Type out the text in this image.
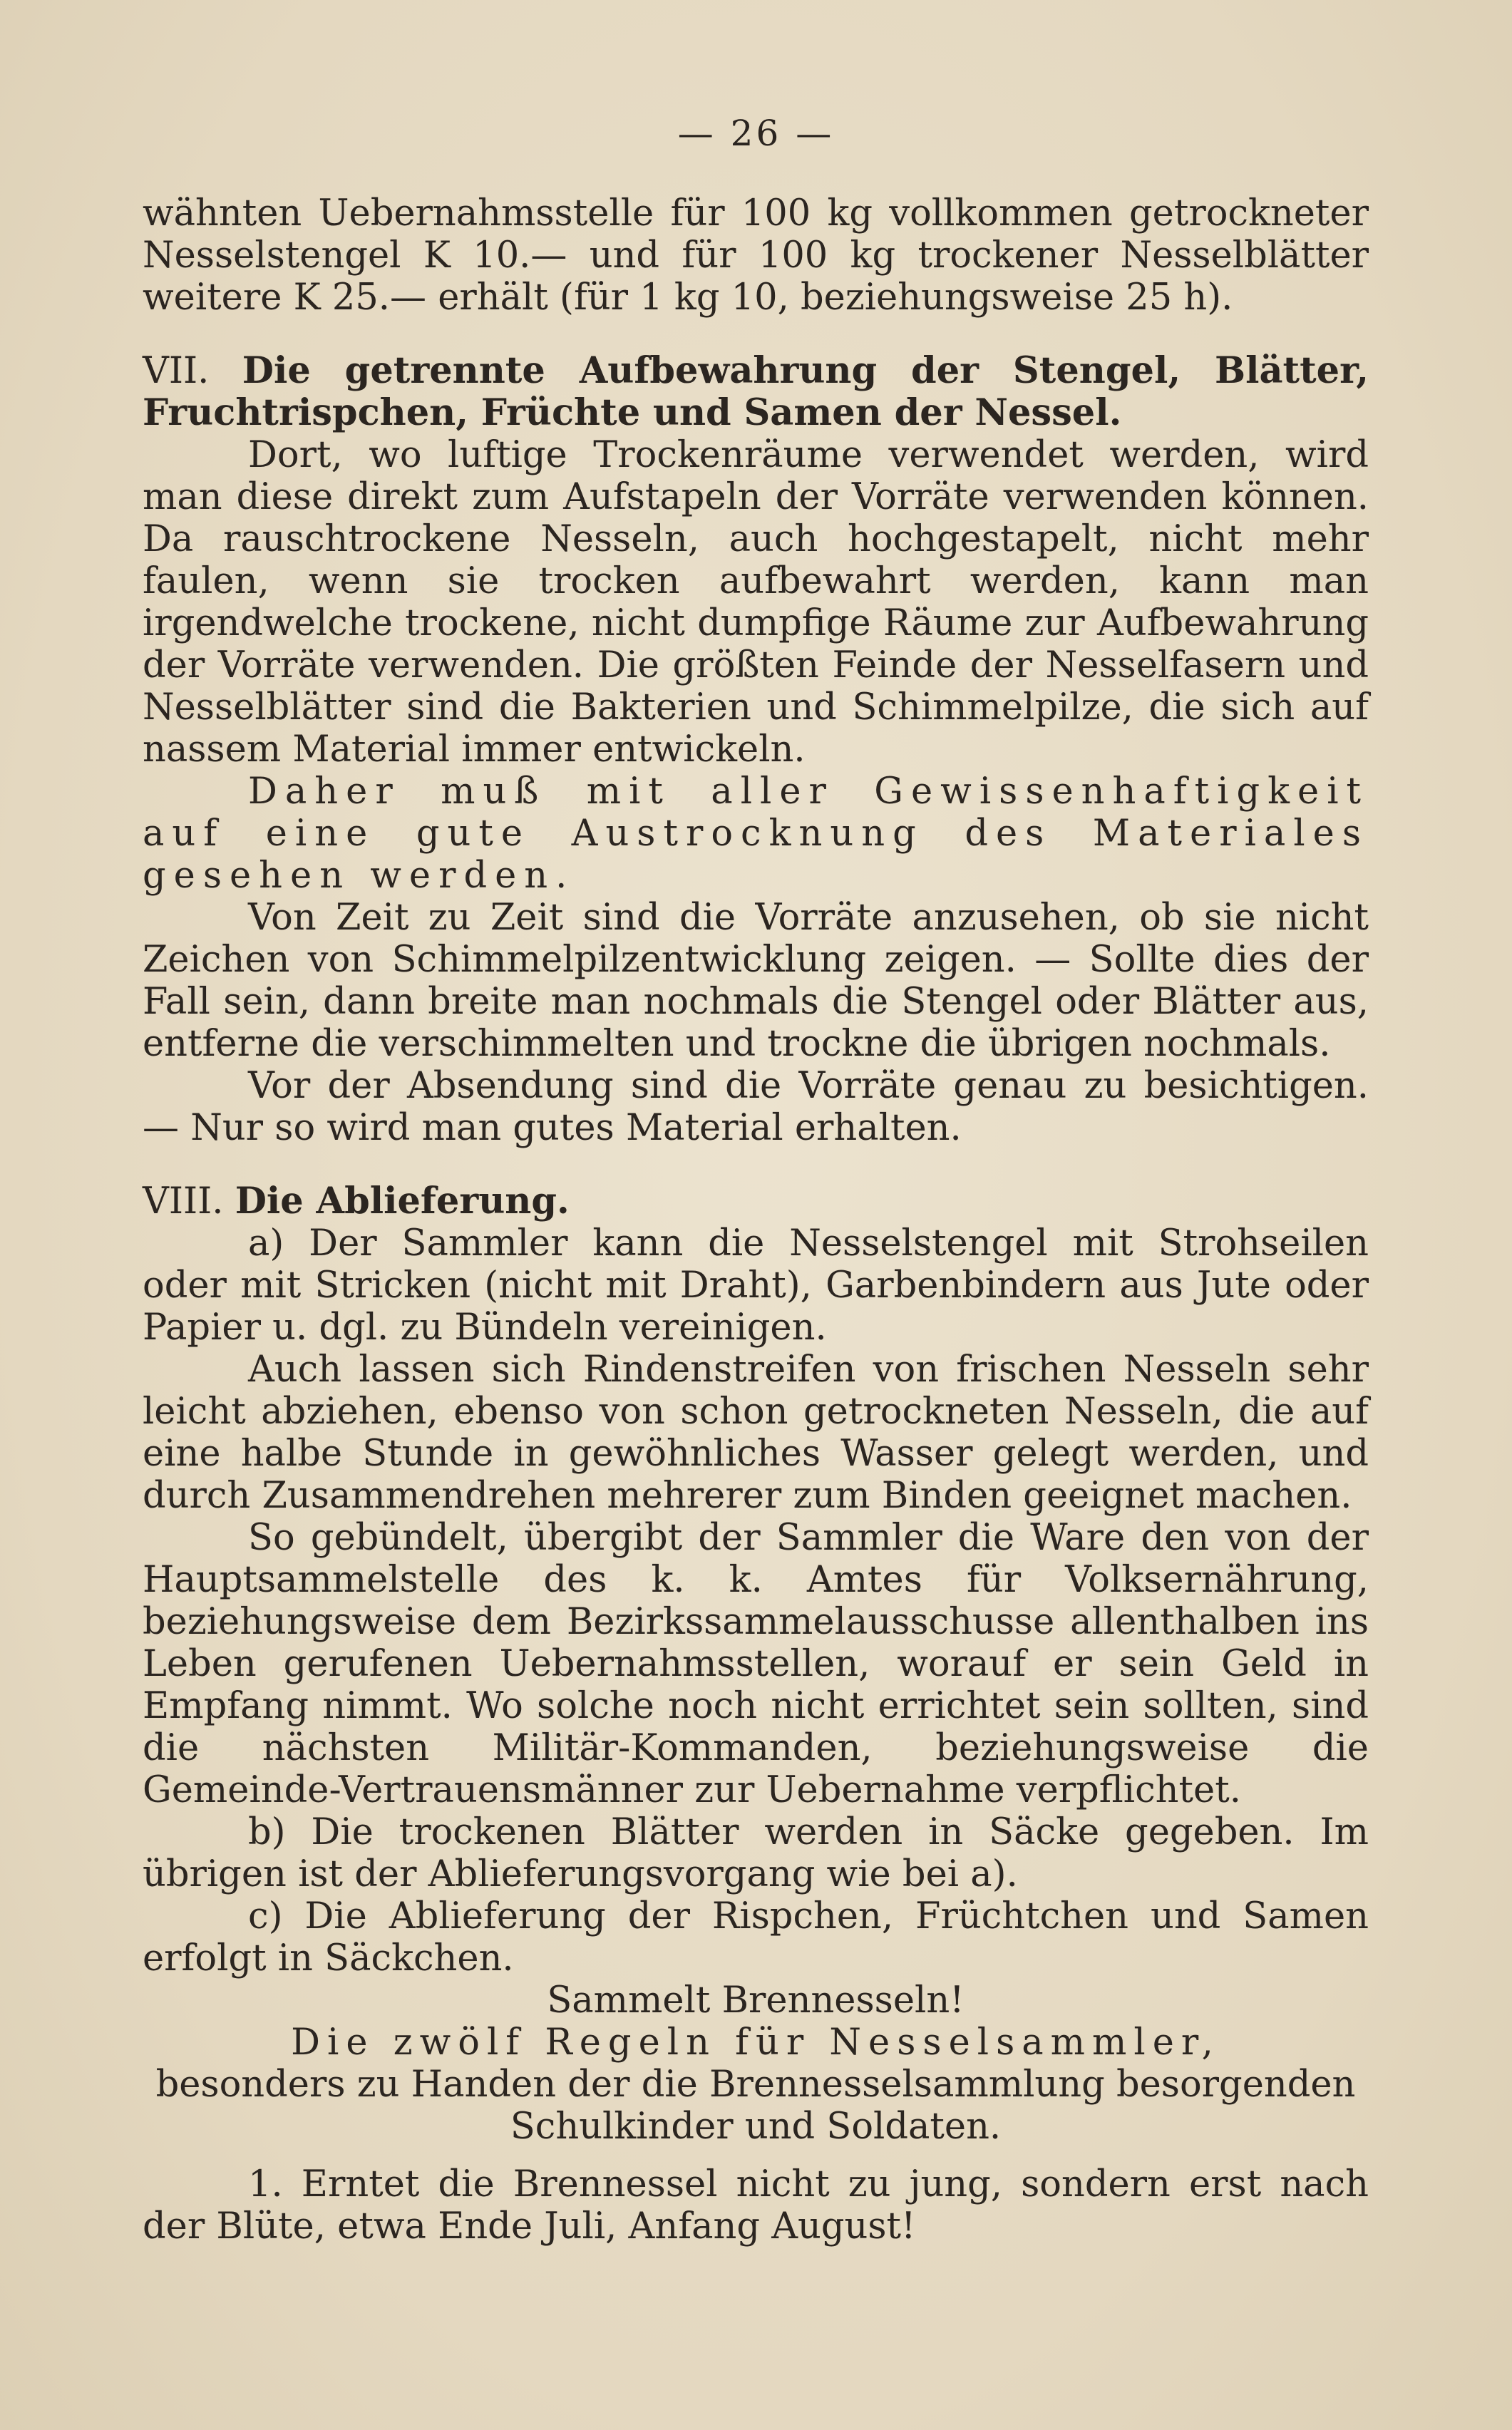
— 26 —

wähnten Uebernahmsstelle für 100 kg vollkommen getrockneter Nesselstengel K 10.— und für 100 kg trockener Nesselblätter weitere K 25.— erhält (für 1 kg 10, beziehungsweise 25 h).

VII. Die getrennte Aufbewahrung der Stengel, Blätter, Fruchtrispchen, Früchte und Samen der Nessel.

Dort, wo luftige Trockenräume verwendet werden, wird man diese direkt zum Aufstapeln der Vorräte verwenden können. Da rauschtrockene Nesseln, auch hochgestapelt, nicht mehr faulen, wenn sie trocken aufbewahrt werden, kann man irgendwelche trockene, nicht dumpfige Räume zur Aufbewahrung der Vorräte verwenden. Die größten Feinde der Nesselfasern und Nesselblätter sind die Bakterien und Schimmelpilze, die sich auf nassem Material immer entwickeln.

Daher muß mit aller Gewissenhaftigkeit auf eine gute Austrocknung des Materiales gesehen werden.

Von Zeit zu Zeit sind die Vorräte anzusehen, ob sie nicht Zeichen von Schimmelpilzentwicklung zeigen. — Sollte dies der Fall sein, dann breite man nochmals die Stengel oder Blätter aus, entferne die verschimmelten und trockne die übrigen nochmals.

Vor der Absendung sind die Vorräte genau zu besichtigen. — Nur so wird man gutes Material erhalten.

VIII. Die Ablieferung.

a) Der Sammler kann die Nesselstengel mit Strohseilen oder mit Stricken (nicht mit Draht), Garbenbindern aus Jute oder Papier u. dgl. zu Bündeln vereinigen.

Auch lassen sich Rindenstreifen von frischen Nesseln sehr leicht abziehen, ebenso von schon getrockneten Nesseln, die auf eine halbe Stunde in gewöhnliches Wasser gelegt werden, und durch Zusammendrehen mehrerer zum Binden geeignet machen.

So gebündelt, übergibt der Sammler die Ware den von der Hauptsammelstelle des k. k. Amtes für Volksernährung, beziehungsweise dem Bezirkssammelausschusse allenthalben ins Leben gerufenen Uebernahmsstellen, worauf er sein Geld in Empfang nimmt. Wo solche noch nicht errichtet sein sollten, sind die nächsten Militär-Kommanden, beziehungsweise die Gemeinde-Vertrauensmänner zur Uebernahme verpflichtet.

b) Die trockenen Blätter werden in Säcke gegeben. Im übrigen ist der Ablieferungsvorgang wie bei a).

c) Die Ablieferung der Rispchen, Früchtchen und Samen erfolgt in Säckchen.

Sammelt Brennesseln!

Die zwölf Regeln für Nesselsammler,

besonders zu Handen der die Brennesselsammlung besorgenden Schulkinder und Soldaten.

1. Erntet die Brennessel nicht zu jung, sondern erst nach der Blüte, etwa Ende Juli, Anfang August!
